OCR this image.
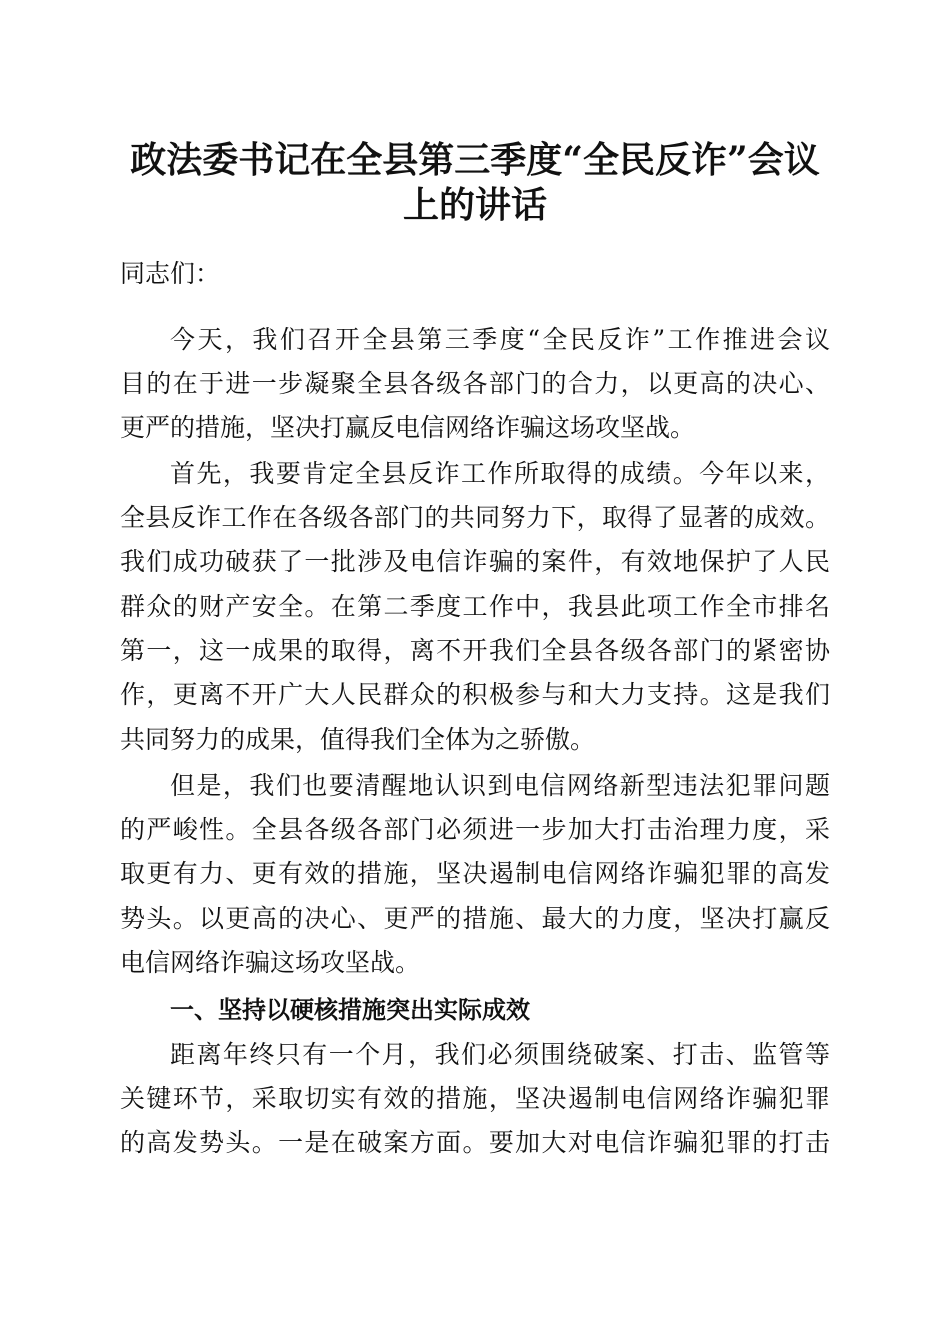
政法委书记在全县第三季度“全民反诈”会议
上的讲话
同志们：
今天，我们召开全县第三季度“全民反诈”工作推进会议
目的在于进一步凝聚全县各级各部门的合力，以更高的决心、
更严的措施，坚决打赢反电信网络诈骗这场攻坚战。
首先，我要肯定全县反诈工作所取得的成绩。今年以来，
全县反诈工作在各级各部门的共同努力下，取得了显著的成效。
我们成功破获了一批涉及电信诈骗的案件，有效地保护了人民
群众的财产安全。在第二季度工作中，我县此项工作全市排名
第一，这一成果的取得，离不开我们全县各级各部门的紧密协
作，更离不开广大人民群众的积极参与和大力支持。这是我们
共同努力的成果，值得我们全体为之骄傲。
但是，我们也要清醒地认识到电信网络新型违法犯罪问题
的严峻性。全县各级各部门必须进一步加大打击治理力度，采
取更有力、更有效的措施，坚决遏制电信网络诈骗犯罪的高发
势头。以更高的决心、更严的措施、最大的力度，坚决打赢反
电信网络诈骗这场攻坚战。
一、坚持以硬核措施突出实际成效
距离年终只有一个月，我们必须围绕破案、打击、监管等
关键环节，采取切实有效的措施，坚决遏制电信网络诈骗犯罪
的高发势头。一是在破案方面。要加大对电信诈骗犯罪的打击
